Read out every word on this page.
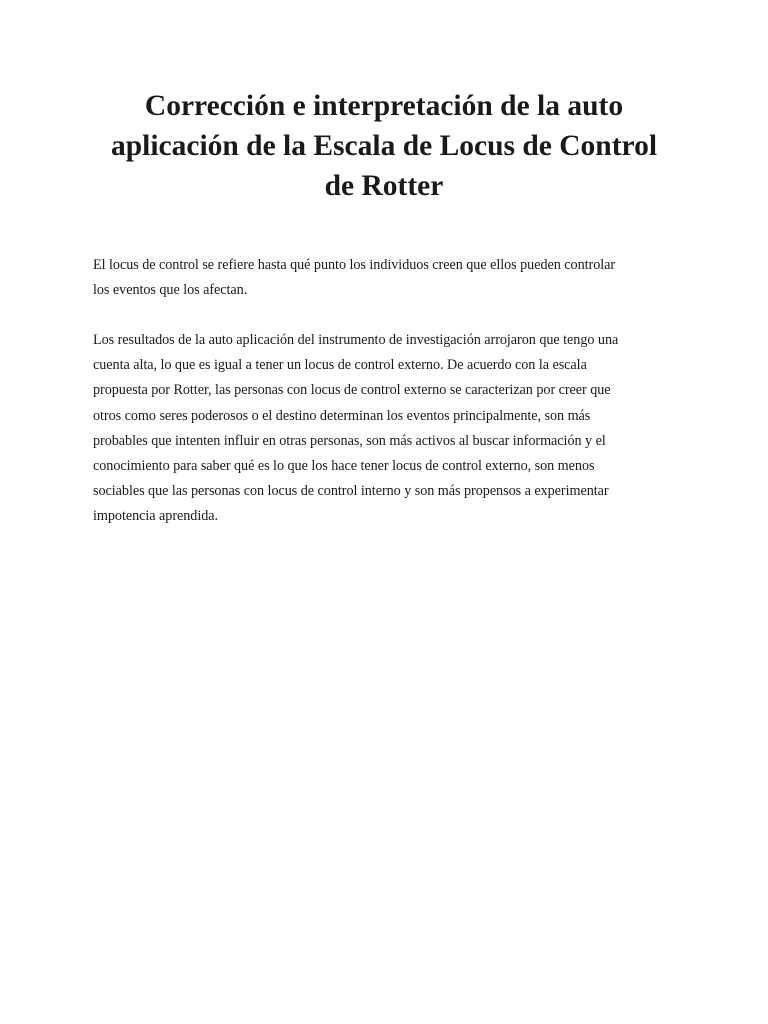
Corrección e interpretación de la auto
aplicación de la Escala de Locus de Control
de Rotter

El locus de control se refiere hasta qué punto los individuos creen que ellos pueden controlar
los eventos que los afectan.

Los resultados de la auto aplicación del instrumento de investigación arrojaron que tengo una
cuenta alta, lo que es igual a tener un locus de control externo. De acuerdo con la escala
propuesta por Rotter, las personas con locus de control externo se caracterizan por creer que
otros como seres poderosos o el destino determinan los eventos principalmente, son más
probables que intenten influir en otras personas, son más activos al buscar información y el
conocimiento para saber qué es lo que los hace tener locus de control externo, son menos
sociables que las personas con locus de control interno y son más propensos a experimentar
impotencia aprendida.
